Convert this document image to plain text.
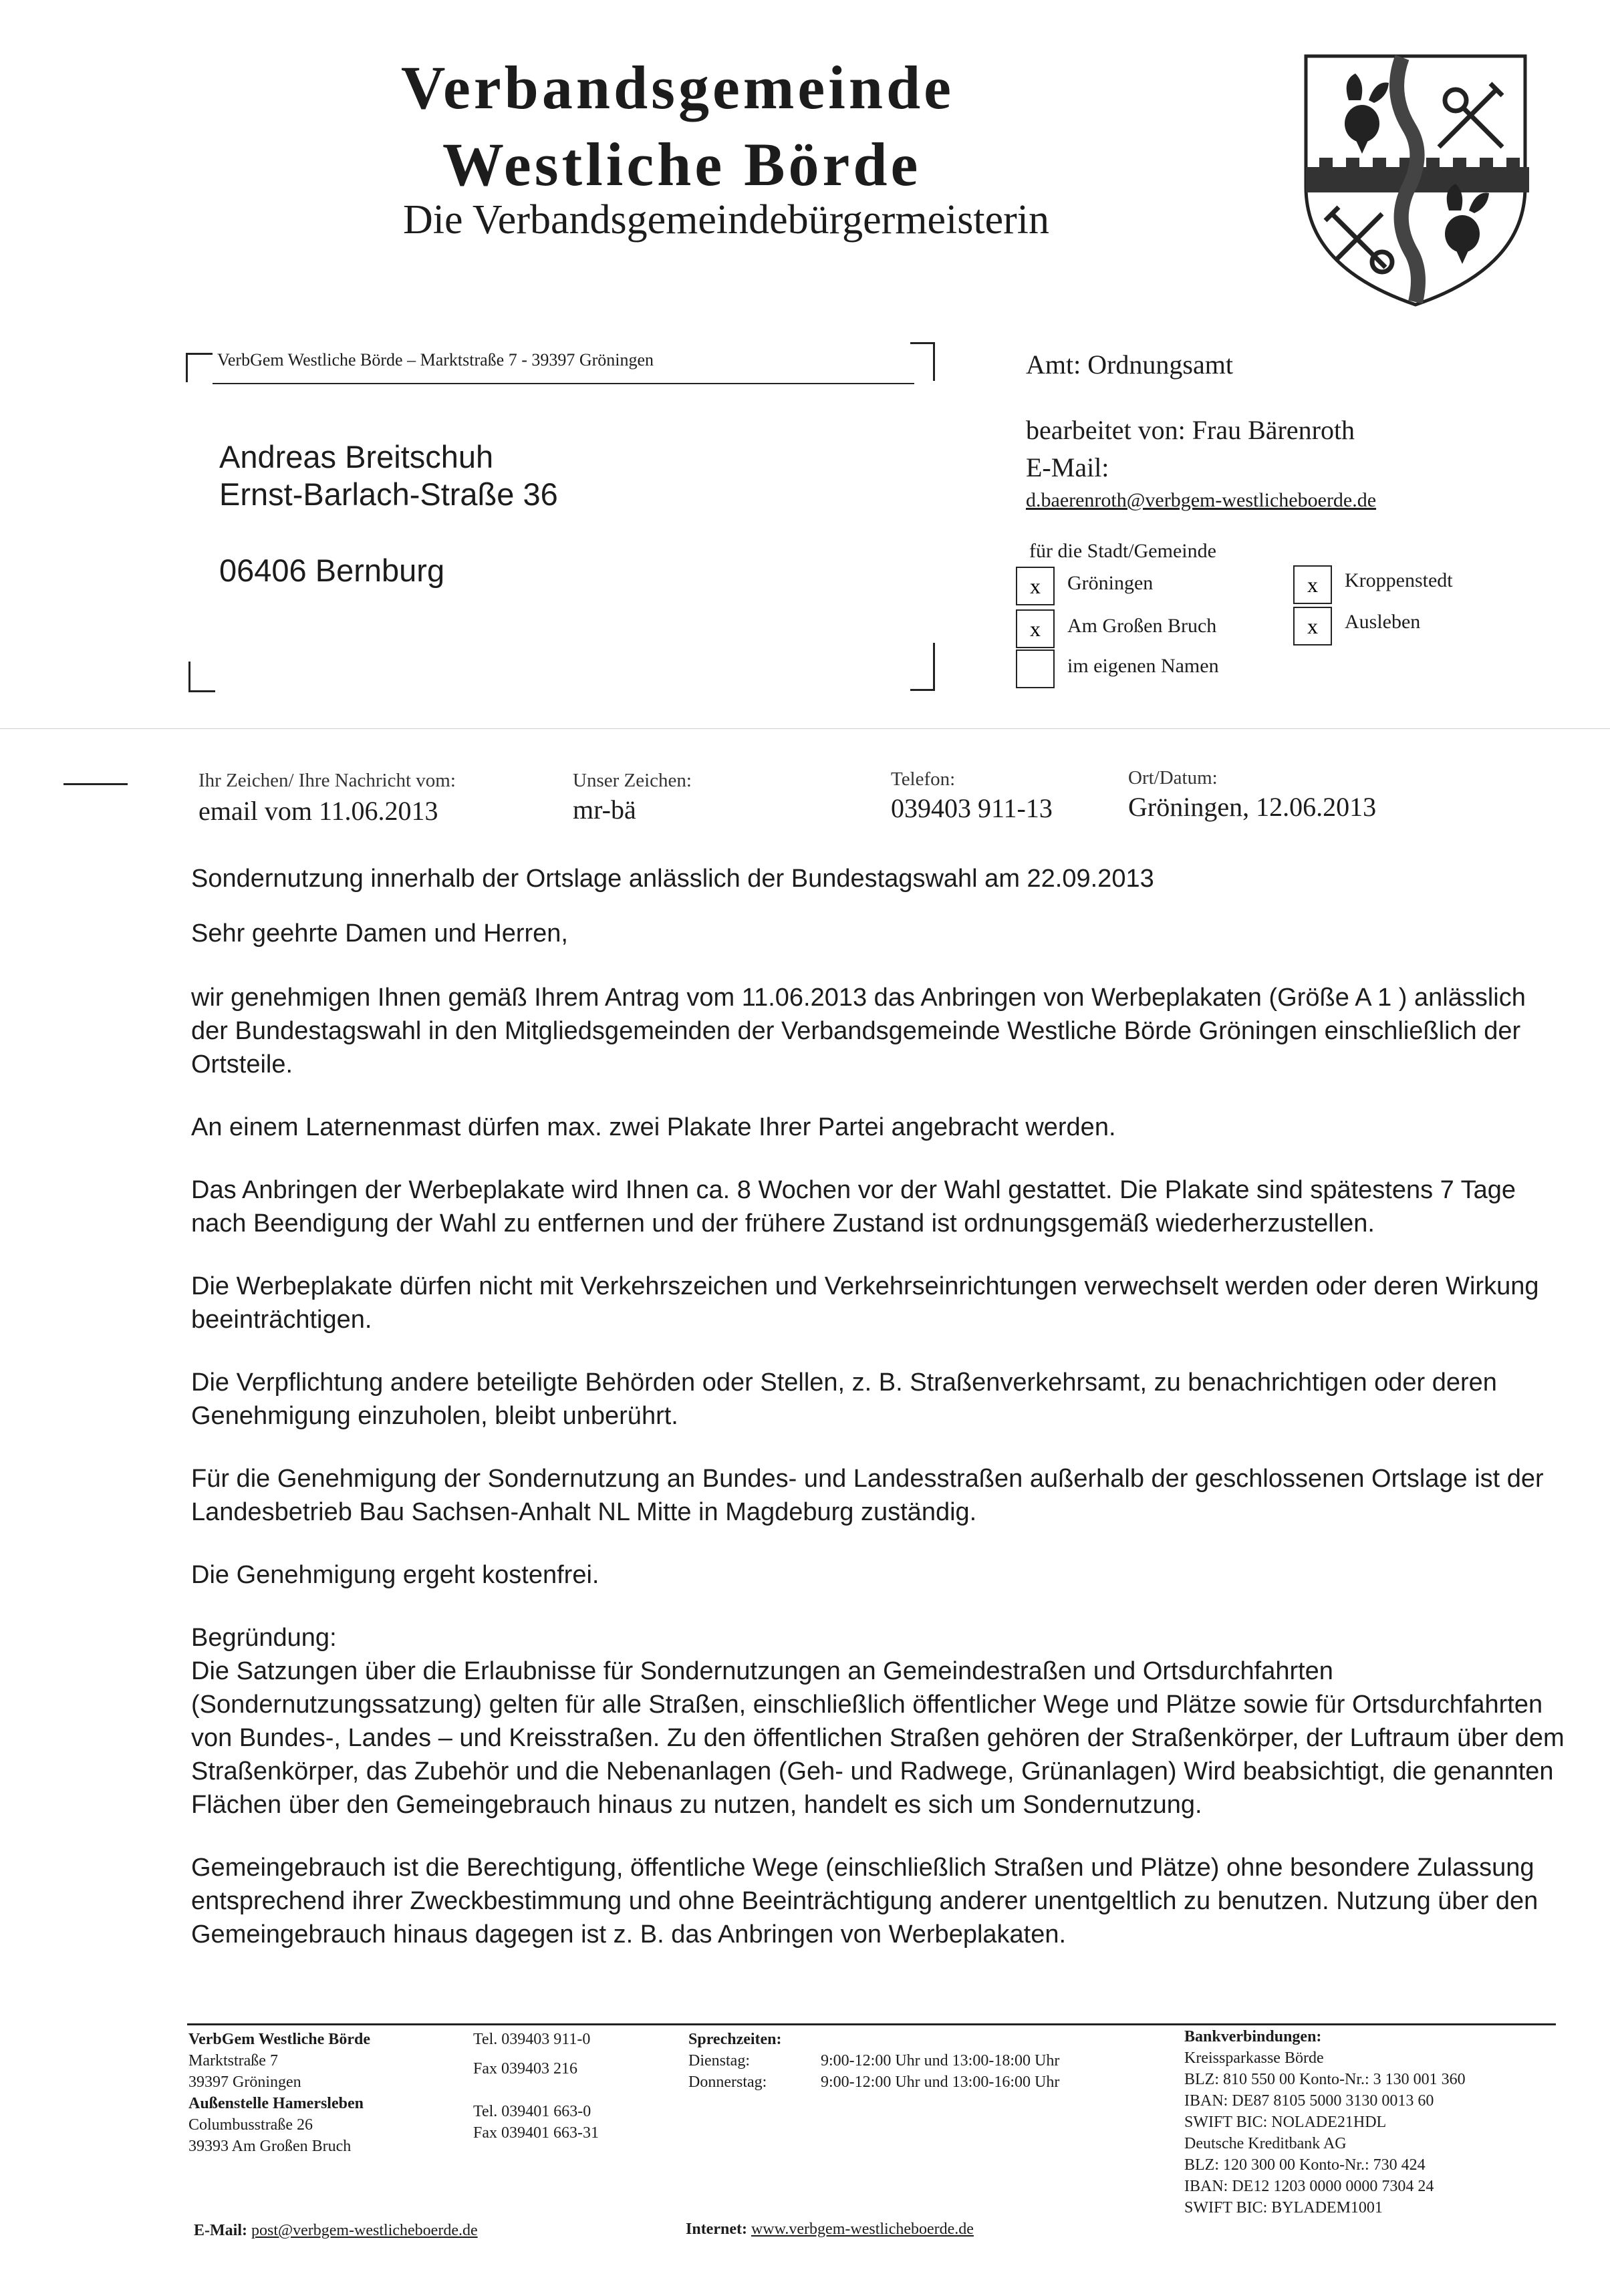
Verbandsgemeinde
Westliche Börde
Die Verbandsgemeindebürgermeisterin
VerbGem Westliche Börde – Marktstraße 7 - 39397 Gröningen
Andreas Breitschuh
Ernst-Barlach-Straße 36
06406 Bernburg
Amt: Ordnungsamt
bearbeitet von: Frau Bärenroth
E-Mail:
d.baerenroth@verbgem-westlicheboerde.de
für die Stadt/Gemeinde
x	Gröningen
x	Am Großen Bruch
im eigenen Namen
x	Kroppenstedt
x	Ausleben
Ihr Zeichen/ Ihre Nachricht vom:
email vom 11.06.2013
Unser Zeichen:
mr-bä
Telefon:
039403 911-13
Ort/Datum:
Gröningen, 12.06.2013

Sondernutzung innerhalb der Ortslage anlässlich der Bundestagswahl am 22.09.2013

Sehr geehrte Damen und Herren,

wir genehmigen Ihnen gemäß Ihrem Antrag vom 11.06.2013 das Anbringen von Werbeplakaten (Größe A 1 ) anlässlich der Bundestagswahl in den Mitgliedsgemeinden der Verbandsgemeinde Westliche Börde Gröningen einschließlich der Ortsteile.

An einem Laternenmast dürfen max. zwei Plakate Ihrer Partei angebracht werden.

Das Anbringen der Werbeplakate wird Ihnen ca. 8 Wochen vor der Wahl gestattet. Die Plakate sind spätestens 7 Tage nach Beendigung der Wahl zu entfernen und der frühere Zustand ist ordnungsgemäß wiederherzustellen.

Die Werbeplakate dürfen nicht mit Verkehrszeichen und Verkehrseinrichtungen verwechselt werden oder deren Wirkung beeinträchtigen.

Die Verpflichtung andere beteiligte Behörden oder Stellen, z. B. Straßenverkehrsamt, zu benachrichtigen oder deren Genehmigung einzuholen, bleibt unberührt.

Für die Genehmigung der Sondernutzung an Bundes- und Landesstraßen außerhalb der geschlossenen Ortslage ist der Landesbetrieb Bau Sachsen-Anhalt NL Mitte in Magdeburg zuständig.

Die Genehmigung ergeht kostenfrei.

Begründung:

Die Satzungen über die Erlaubnisse für Sondernutzungen an Gemeindestraßen und Ortsdurchfahrten (Sondernutzungssatzung) gelten für alle Straßen, einschließlich öffentlicher Wege und Plätze sowie für Ortsdurchfahrten von Bundes-, Landes – und Kreisstraßen. Zu den öffentlichen Straßen gehören der Straßenkörper, der Luftraum über dem Straßenkörper, das Zubehör und die Nebenanlagen (Geh- und Radwege, Grünanlagen) Wird beabsichtigt, die genannten Flächen über den Gemeingebrauch hinaus zu nutzen, handelt es sich um Sondernutzung.

Gemeingebrauch ist die Berechtigung, öffentliche Wege (einschließlich Straßen und Plätze) ohne besondere Zulassung entsprechend ihrer Zweckbestimmung und ohne Beeinträchtigung anderer unentgeltlich zu benutzen. Nutzung über den Gemeingebrauch hinaus dagegen ist z. B. das Anbringen von Werbeplakaten.

VerbGem Westliche Börde
Marktstraße 7
39397 Gröningen
Außenstelle Hamersleben
Columbusstraße 26
39393 Am Großen Bruch
Tel. 039403 911-0
Fax 039403 216
Tel. 039401 663-0
Fax 039401 663-31
Sprechzeiten:
Dienstag:	9:00-12:00 Uhr und 13:00-18:00 Uhr
Donnerstag:	9:00-12:00 Uhr und 13:00-16:00 Uhr
Bankverbindungen:
Kreissparkasse Börde
BLZ: 810 550 00 Konto-Nr.: 3 130 001 360
IBAN: DE87 8105 5000 3130 0013 60
SWIFT BIC: NOLADE21HDL
Deutsche Kreditbank AG
BLZ: 120 300 00 Konto-Nr.: 730 424
IBAN: DE12 1203 0000 0000 7304 24
SWIFT BIC: BYLADEM1001
E-Mail: post@verbgem-westlicheboerde.de	Internet: www.verbgem-westlicheboerde.de
